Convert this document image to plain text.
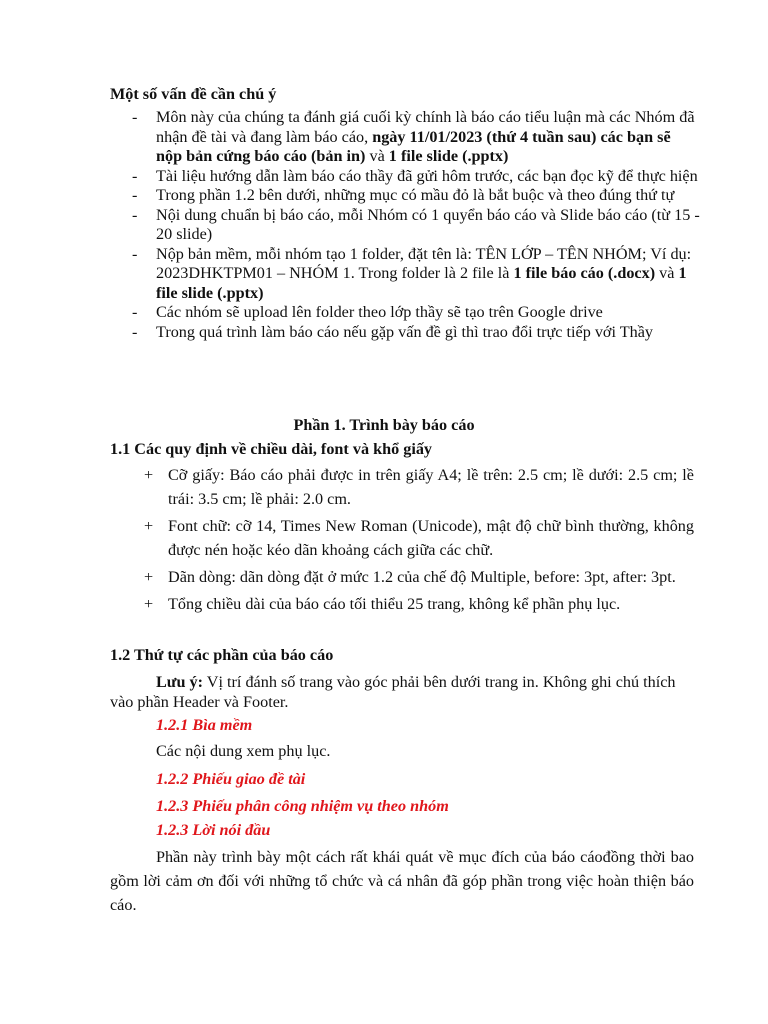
Một số vấn đề cần chú ý
- Môn này của chúng ta đánh giá cuối kỳ chính là báo cáo tiểu luận mà các Nhóm đã nhận đề tài và đang làm báo cáo, ngày 11/01/2023 (thứ 4 tuần sau) các bạn sẽ nộp bản cứng báo cáo (bản in) và 1 file slide (.pptx)
- Tài liệu hướng dẫn làm báo cáo thầy đã gửi hôm trước, các bạn đọc kỹ để thực hiện
- Trong phần 1.2 bên dưới, những mục có mầu đỏ là bắt buộc và theo đúng thứ tự
- Nội dung chuẩn bị báo cáo, mỗi Nhóm có 1 quyển báo cáo và Slide báo cáo (từ 15 - 20 slide)
- Nộp bản mềm, mỗi nhóm tạo 1 folder, đặt tên là: TÊN LỚP – TÊN NHÓM; Ví dụ: 2023DHKTPM01 – NHÓM 1. Trong folder là 2 file là 1 file báo cáo (.docx) và 1 file slide (.pptx)
- Các nhóm sẽ upload lên folder theo lớp thầy sẽ tạo trên Google drive
- Trong quá trình làm báo cáo nếu gặp vấn đề gì thì trao đổi trực tiếp với Thầy
Phần 1. Trình bày báo cáo
1.1 Các quy định về chiều dài, font và khổ giấy
+ Cỡ giấy: Báo cáo phải được in trên giấy A4; lề trên: 2.5 cm; lề dưới: 2.5 cm; lề trái: 3.5 cm; lề phải: 2.0 cm.
+ Font chữ: cỡ 14, Times New Roman (Unicode), mật độ chữ bình thường, không được nén hoặc kéo dãn khoảng cách giữa các chữ.
+ Dãn dòng: dãn dòng đặt ở mức 1.2 của chế độ Multiple, before: 3pt, after: 3pt.
+ Tổng chiều dài của báo cáo tối thiểu 25 trang, không kể phần phụ lục.
1.2 Thứ tự các phần của báo cáo
Lưu ý: Vị trí đánh số trang vào góc phải bên dưới trang in. Không ghi chú thích vào phần Header và Footer.
1.2.1 Bìa mềm
Các nội dung xem phụ lục.
1.2.2 Phiếu giao đề tài
1.2.3 Phiếu phân công nhiệm vụ theo nhóm
1.2.3 Lời nói đầu
Phần này trình bày một cách rất khái quát về mục đích của báo cáođồng thời bao gồm lời cảm ơn đối với những tổ chức và cá nhân đã góp phần trong việc hoàn thiện báo cáo.
